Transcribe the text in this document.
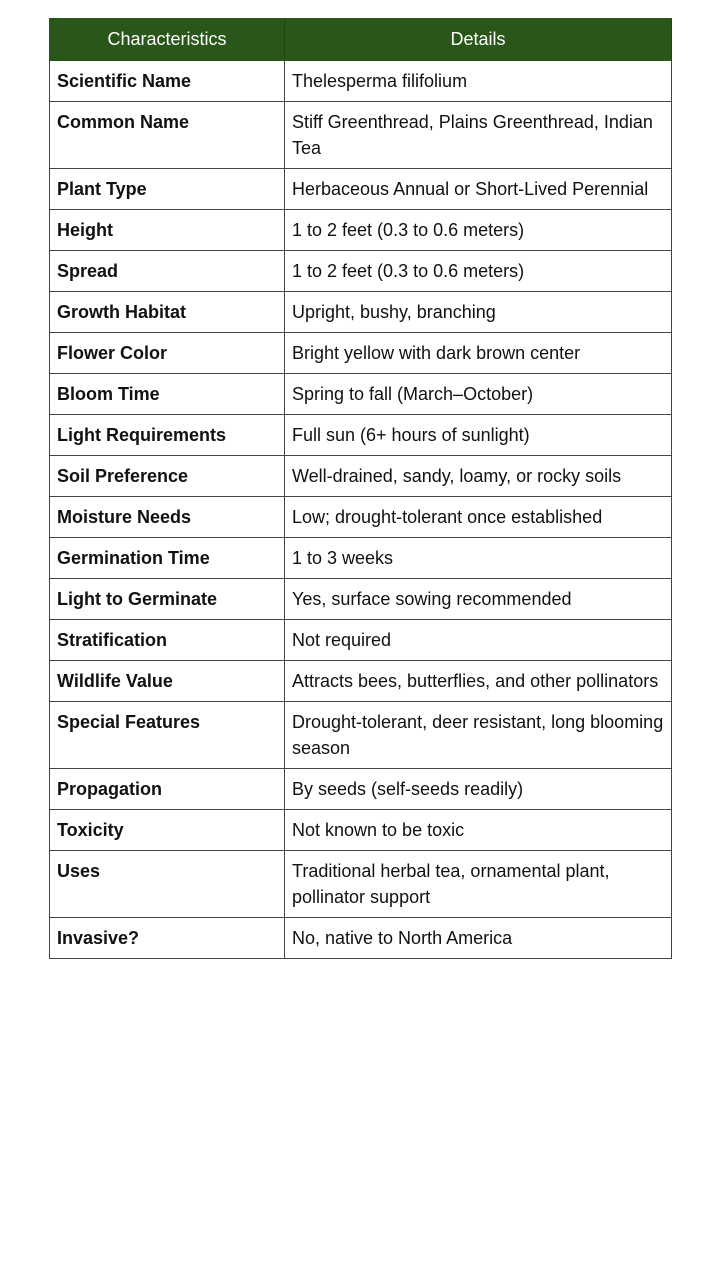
Characteristics	Details
Scientific Name	Thelesperma filifolium
Common Name	Stiff Greenthread, Plains Greenthread, Indian Tea
Plant Type	Herbaceous Annual or Short-Lived Perennial
Height	1 to 2 feet (0.3 to 0.6 meters)
Spread	1 to 2 feet (0.3 to 0.6 meters)
Growth Habitat	Upright, bushy, branching
Flower Color	Bright yellow with dark brown center
Bloom Time	Spring to fall (March–October)
Light Requirements	Full sun (6+ hours of sunlight)
Soil Preference	Well-drained, sandy, loamy, or rocky soils
Moisture Needs	Low; drought-tolerant once established
Germination Time	1 to 3 weeks
Light to Germinate	Yes, surface sowing recommended
Stratification	Not required
Wildlife Value	Attracts bees, butterflies, and other pollinators
Special Features	Drought-tolerant, deer resistant, long blooming season
Propagation	By seeds (self-seeds readily)
Toxicity	Not known to be toxic
Uses	Traditional herbal tea, ornamental plant, pollinator support
Invasive?	No, native to North America
